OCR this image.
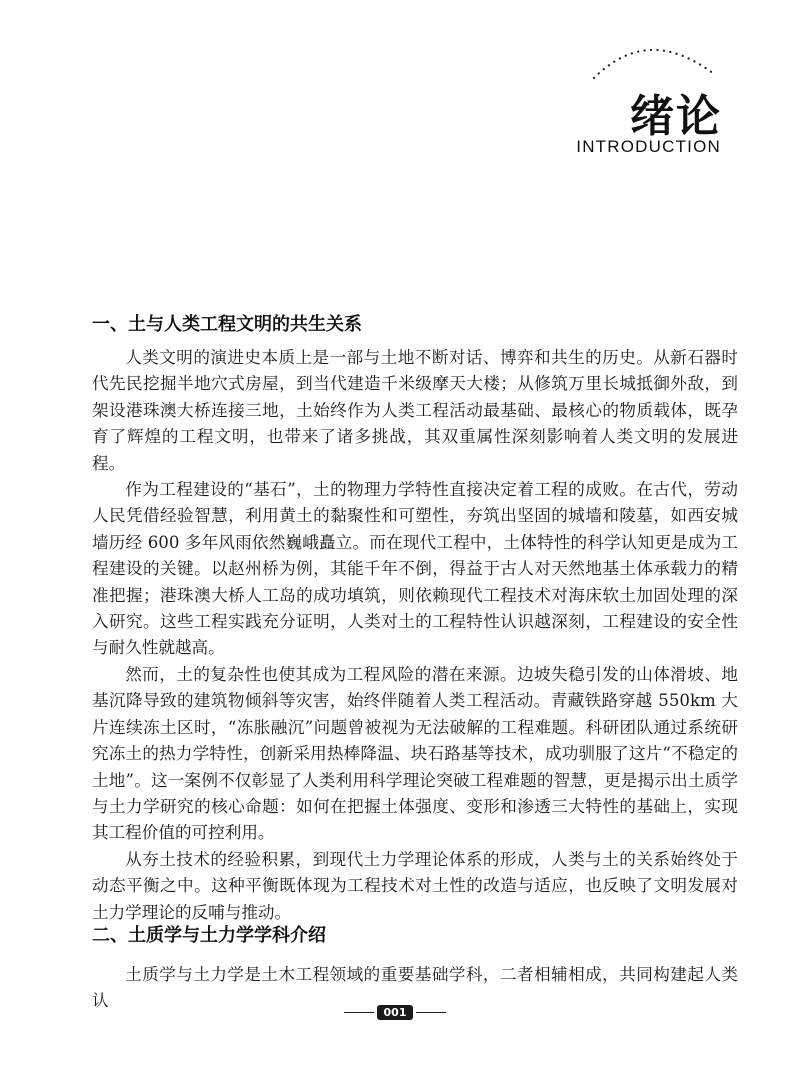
绪论
INTRODUCTION
一、土与人类工程文明的共生关系

人类文明的演进史本质上是一部与土地不断对话、博弈和共生的历史。从新石器时代先民挖掘半地穴式房屋，到当代建造千米级摩天大楼；从修筑万里长城抵御外敌，到架设港珠澳大桥连接三地，土始终作为人类工程活动最基础、最核心的物质载体，既孕育了辉煌的工程文明，也带来了诸多挑战，其双重属性深刻影响着人类文明的发展进程。

作为工程建设的“基石”，土的物理力学特性直接决定着工程的成败。在古代，劳动人民凭借经验智慧，利用黄土的黏聚性和可塑性，夯筑出坚固的城墙和陵墓，如西安城墙历经 600 多年风雨依然巍峨矗立。而在现代工程中，土体特性的科学认知更是成为工程建设的关键。以赵州桥为例，其能千年不倒，得益于古人对天然地基土体承载力的精准把握；港珠澳大桥人工岛的成功填筑，则依赖现代工程技术对海床软土加固处理的深入研究。这些工程实践充分证明，人类对土的工程特性认识越深刻，工程建设的安全性与耐久性就越高。

然而，土的复杂性也使其成为工程风险的潜在来源。边坡失稳引发的山体滑坡、地基沉降导致的建筑物倾斜等灾害，始终伴随着人类工程活动。青藏铁路穿越 550km 大片连续冻土区时，“冻胀融沉”问题曾被视为无法破解的工程难题。科研团队通过系统研究冻土的热力学特性，创新采用热棒降温、块石路基等技术，成功驯服了这片“不稳定的土地”。这一案例不仅彰显了人类利用科学理论突破工程难题的智慧，更是揭示出土质学与土力学研究的核心命题：如何在把握土体强度、变形和渗透三大特性的基础上，实现其工程价值的可控利用。

从夯土技术的经验积累，到现代土力学理论体系的形成，人类与土的关系始终处于动态平衡之中。这种平衡既体现为工程技术对土性的改造与适应，也反映了文明发展对土力学理论的反哺与推动。

二、土质学与土力学学科介绍

土质学与土力学是土木工程领域的重要基础学科，二者相辅相成，共同构建起人类认

001
